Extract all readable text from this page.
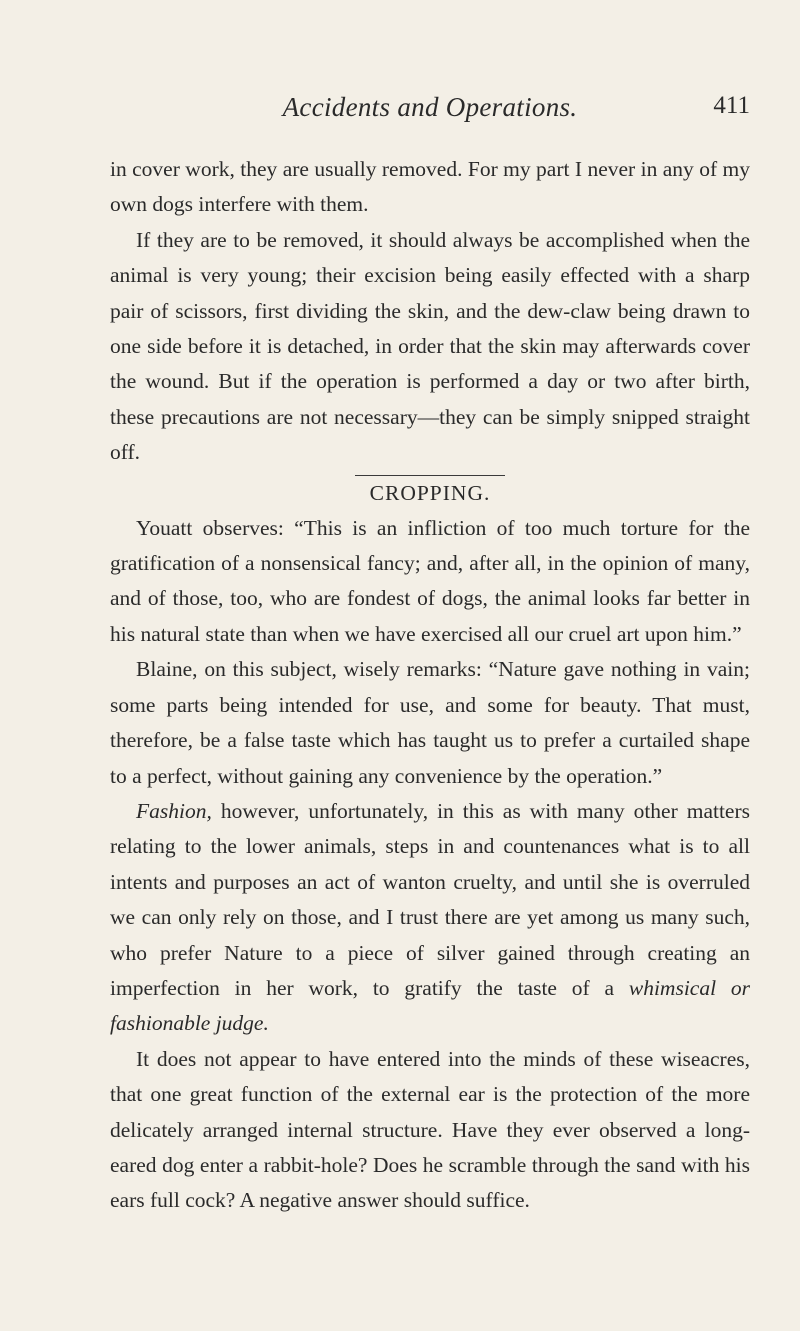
Accidents and Operations.	411

in cover work, they are usually removed. For my part I never in any of my own dogs interfere with them.

If they are to be removed, it should always be accomplished when the animal is very young; their excision being easily effected with a sharp pair of scissors, first dividing the skin, and the dew-claw being drawn to one side before it is detached, in order that the skin may afterwards cover the wound. But if the operation is performed a day or two after birth, these precautions are not necessary—they can be simply snipped straight off.

CROPPING.

Youatt observes: “This is an infliction of too much torture for the gratification of a nonsensical fancy; and, after all, in the opinion of many, and of those, too, who are fondest of dogs, the animal looks far better in his natural state than when we have exercised all our cruel art upon him.”

Blaine, on this subject, wisely remarks: “Nature gave nothing in vain; some parts being intended for use, and some for beauty. That must, therefore, be a false taste which has taught us to prefer a curtailed shape to a perfect, without gaining any convenience by the operation.”

Fashion, however, unfortunately, in this as with many other matters relating to the lower animals, steps in and countenances what is to all intents and purposes an act of wanton cruelty, and until she is overruled we can only rely on those, and I trust there are yet among us many such, who prefer Nature to a piece of silver gained through creating an imperfection in her work, to gratify the taste of a whimsical or fashionable judge.

It does not appear to have entered into the minds of these wiseacres, that one great function of the external ear is the protection of the more delicately arranged internal structure. Have they ever observed a long-eared dog enter a rabbit-hole? Does he scramble through the sand with his ears full cock? A negative answer should suffice.
